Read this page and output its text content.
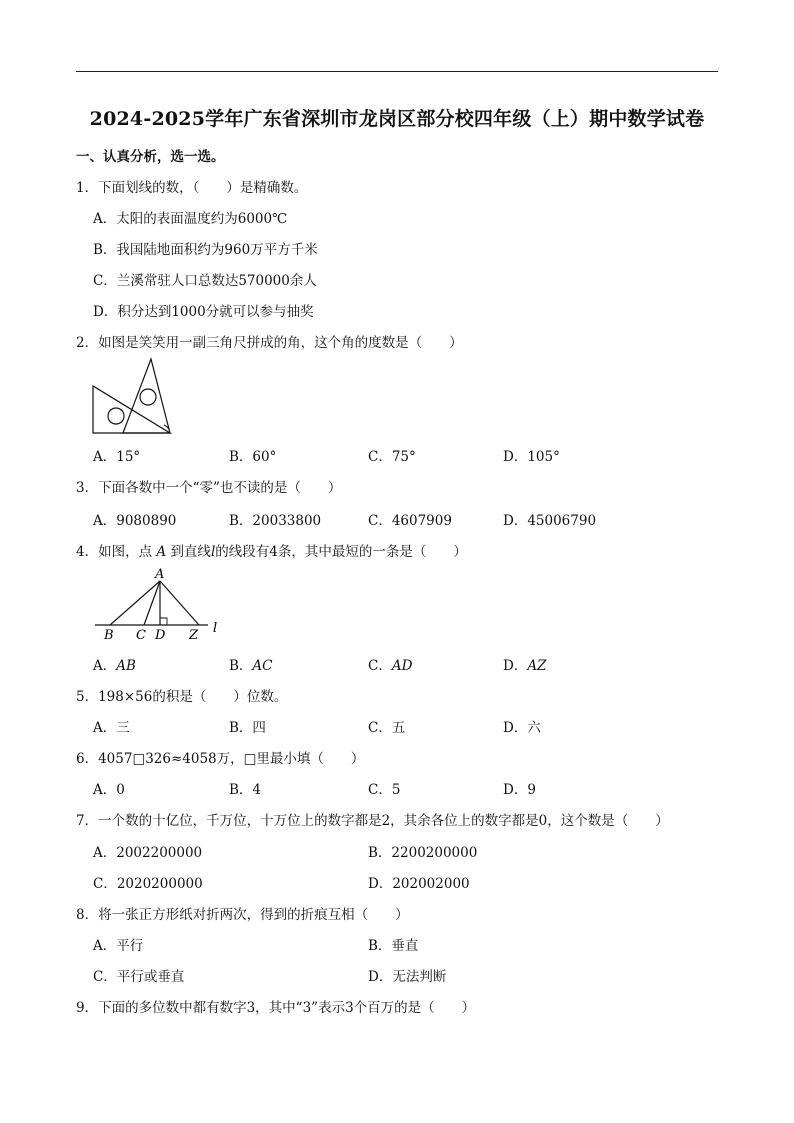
2024-2025学年广东省深圳市龙岗区部分校四年级（上）期中数学试卷
一、认真分析，选一选。
1．下面划线的数，（　　）是精确数。
A．太阳的表面温度约为6000℃
B．我国陆地面积约为960万平方千米
C．兰溪常驻人口总数达570000余人
D．积分达到1000分就可以参与抽奖
2．如图是笑笑用一副三角尺拼成的角，这个角的度数是（　　）
A．15°	B．60°	C．75°	D．105°
3．下面各数中一个“零”也不读的是（　　）
A．9080890	B．20033800	C．4607909	D．45006790
4．如图，点 A 到直线l的线段有4条，其中最短的一条是（　　）
A
B C D Z l
A．AB	B．AC	C．AD	D．AZ
5．198×56的积是（　　）位数。
A．三	B．四	C．五	D．六
6．4057□326≈4058万，□里最小填（　　）
A．0	B．4	C．5	D．9
7．一个数的十亿位，千万位，十万位上的数字都是2，其余各位上的数字都是0，这个数是（　　）
A．2002200000	B．2200200000
C．2020200000	D．202002000
8．将一张正方形纸对折两次，得到的折痕互相（　　）
A．平行	B．垂直
C．平行或垂直	D．无法判断
9．下面的多位数中都有数字3，其中“3”表示3个百万的是（　　）
